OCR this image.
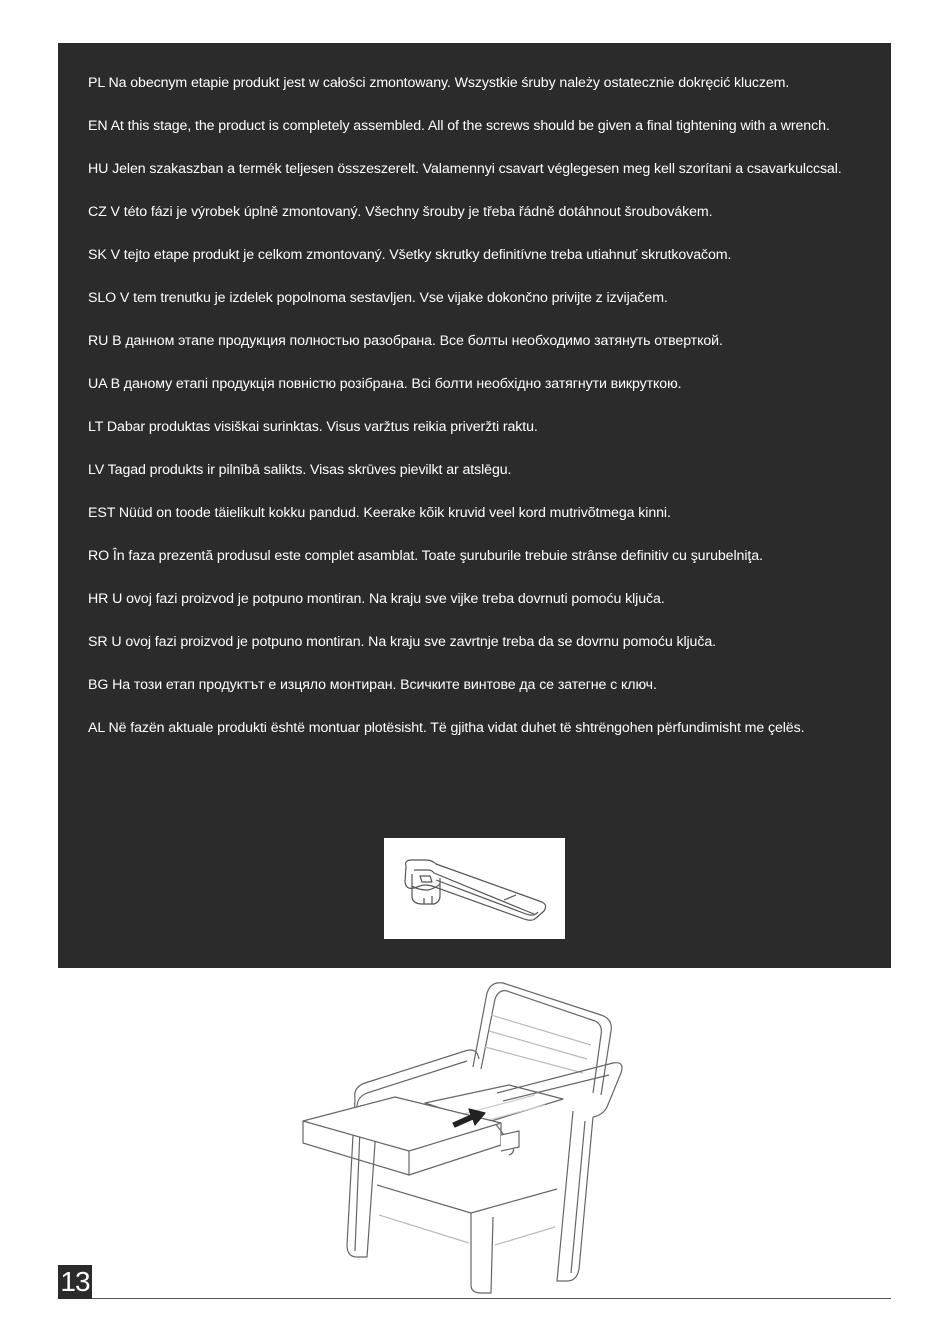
PL Na obecnym etapie produkt jest w całości zmontowany. Wszystkie śruby należy ostatecznie dokręcić kluczem.

EN At this stage, the product is completely assembled. All of the screws should be given a final tightening with a wrench.

HU Jelen szakaszban a termék teljesen összeszerelt. Valamennyi csavart véglegesen meg kell szorítani a csavarkulccsal.

CZ V této fázi je výrobek úplně zmontovaný. Všechny šrouby je třeba řádně dotáhnout šroubovákem.

SK V tejto etape produkt je celkom zmontovaný. Všetky skrutky definitívne treba utiahnuť skrutkovačom.

SLO V tem trenutku je izdelek popolnoma sestavljen. Vse vijake dokončno privijte z izvijačem.

RU В данном этапе продукция полностью разобрана. Все болты необходимо затянуть отверткой.

UA В даному етапі продукція повністю розібрана. Всі болти необхідно затягнути викруткою.

LT Dabar produktas visiškai surinktas. Visus varžtus reikia priveržti raktu.

LV Tagad produkts ir pilnībā salikts. Visas skrūves pievilkt ar atslēgu.

EST Nüüd on toode täielikult kokku pandud. Keerake kõik kruvid veel kord mutrivõtmega kinni.

RO În faza prezentă produsul este complet asamblat. Toate şuruburile trebuie strânse definitiv cu şurubelniţa.

HR U ovoj fazi proizvod je potpuno montiran. Na kraju sve vijke treba dovrnuti pomoću ključa.

SR U ovoj fazi proizvod je potpuno montiran. Na kraju sve zavrtnje treba da se dovrnu pomoću ključa.

BG На този етап продуктът е изцяло монтиран. Всичките винтове да се затегне с ключ.

AL Në fazën aktuale produkti është montuar plotësisht. Të gjitha vidat duhet të shtrëngohen përfundimisht me çelës.

13
